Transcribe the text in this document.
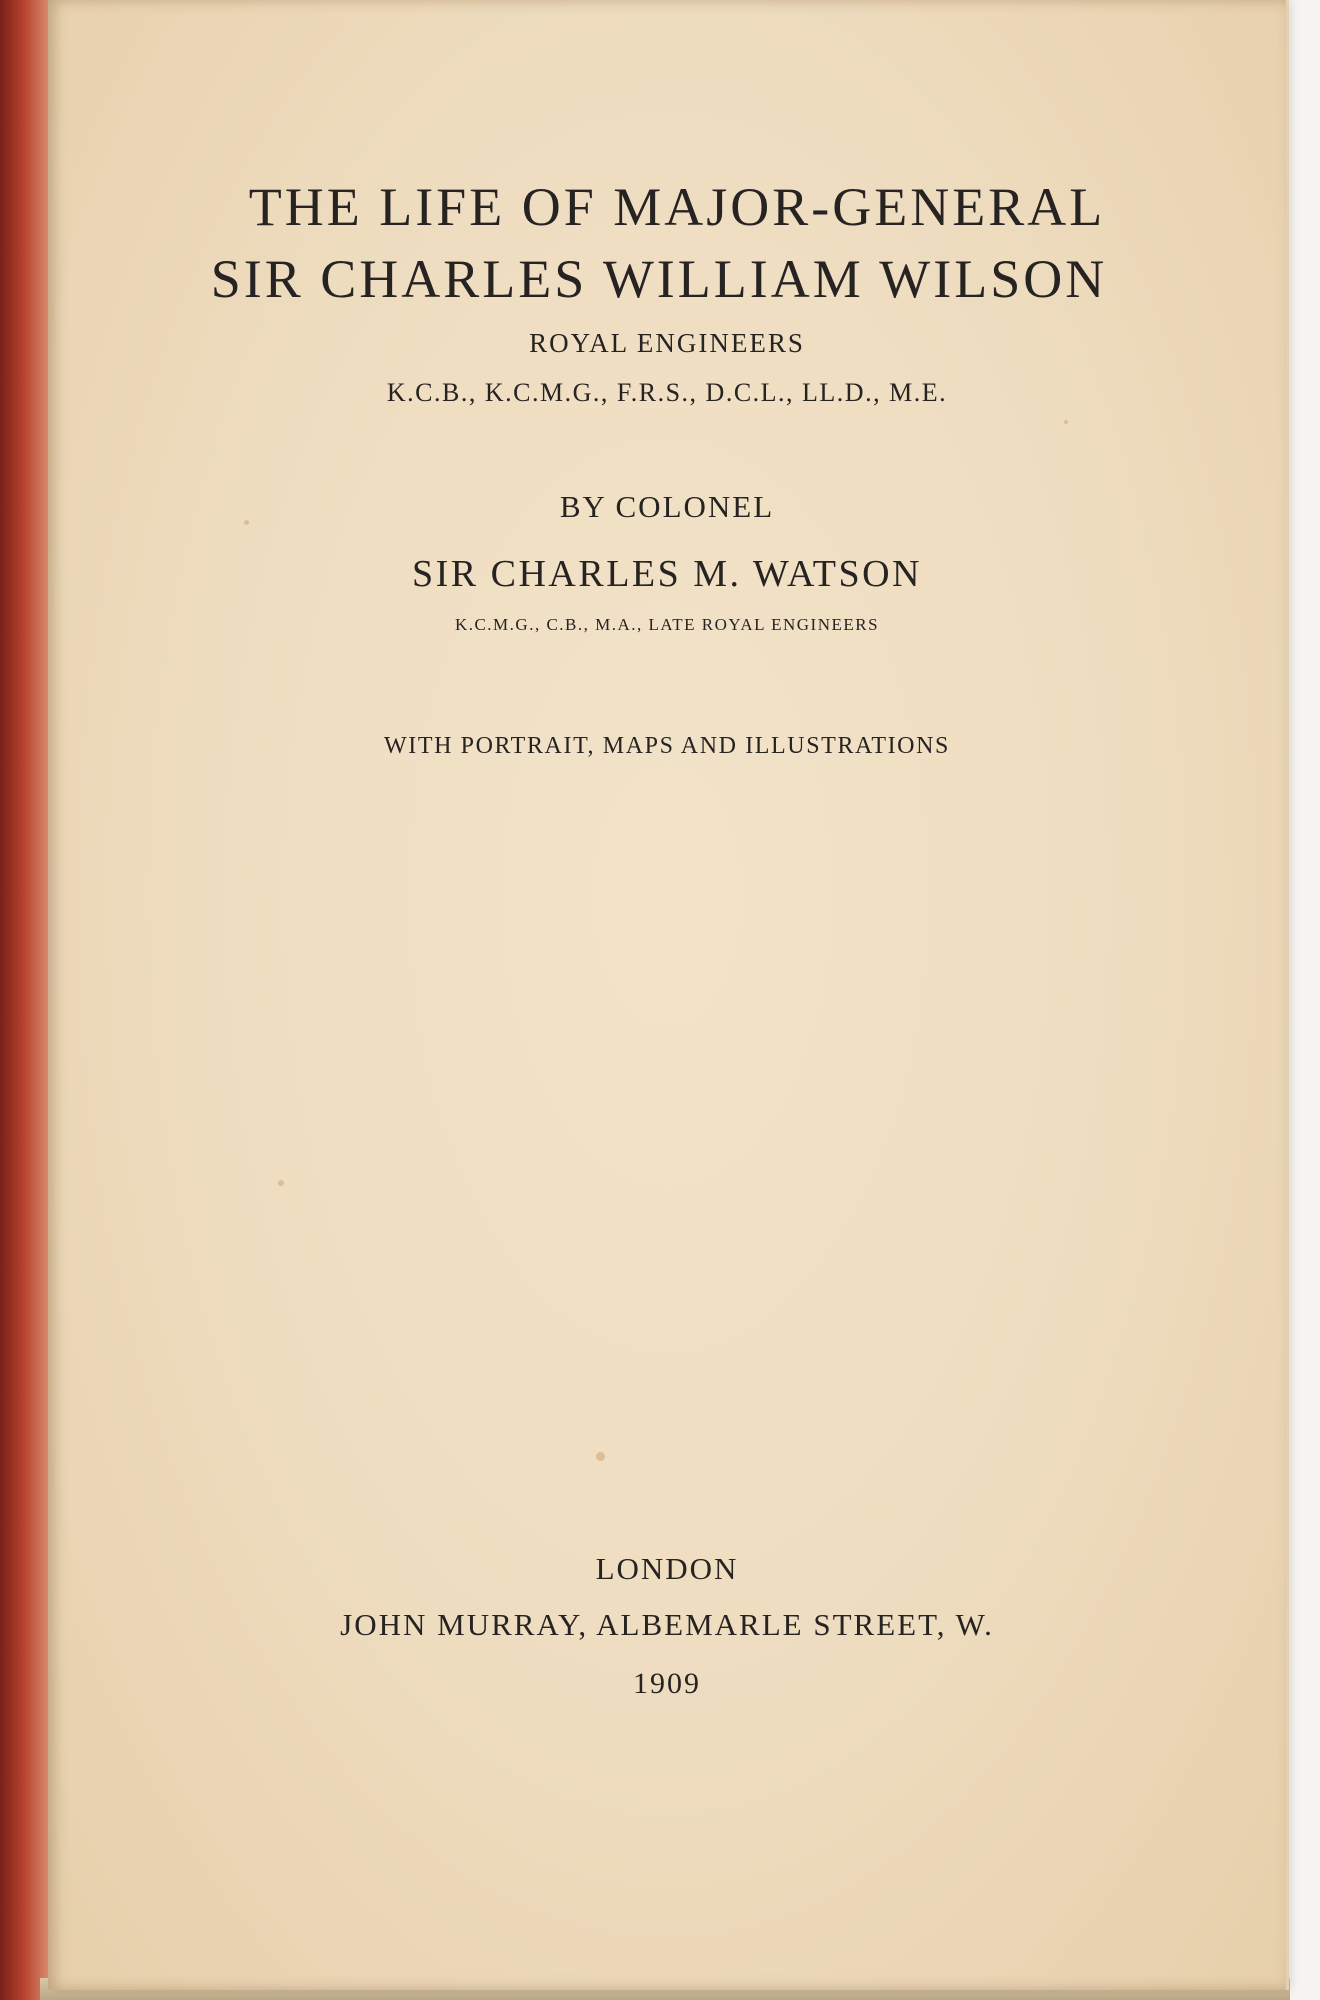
THE LIFE OF MAJOR-GENERAL
SIR CHARLES WILLIAM WILSON
ROYAL ENGINEERS
K.C.B., K.C.M.G., F.R.S., D.C.L., LL.D., M.E.
BY COLONEL
SIR CHARLES M. WATSON
K.C.M.G., C.B., M.A., LATE ROYAL ENGINEERS
WITH PORTRAIT, MAPS AND ILLUSTRATIONS
LONDON
JOHN MURRAY, ALBEMARLE STREET, W.
1909
